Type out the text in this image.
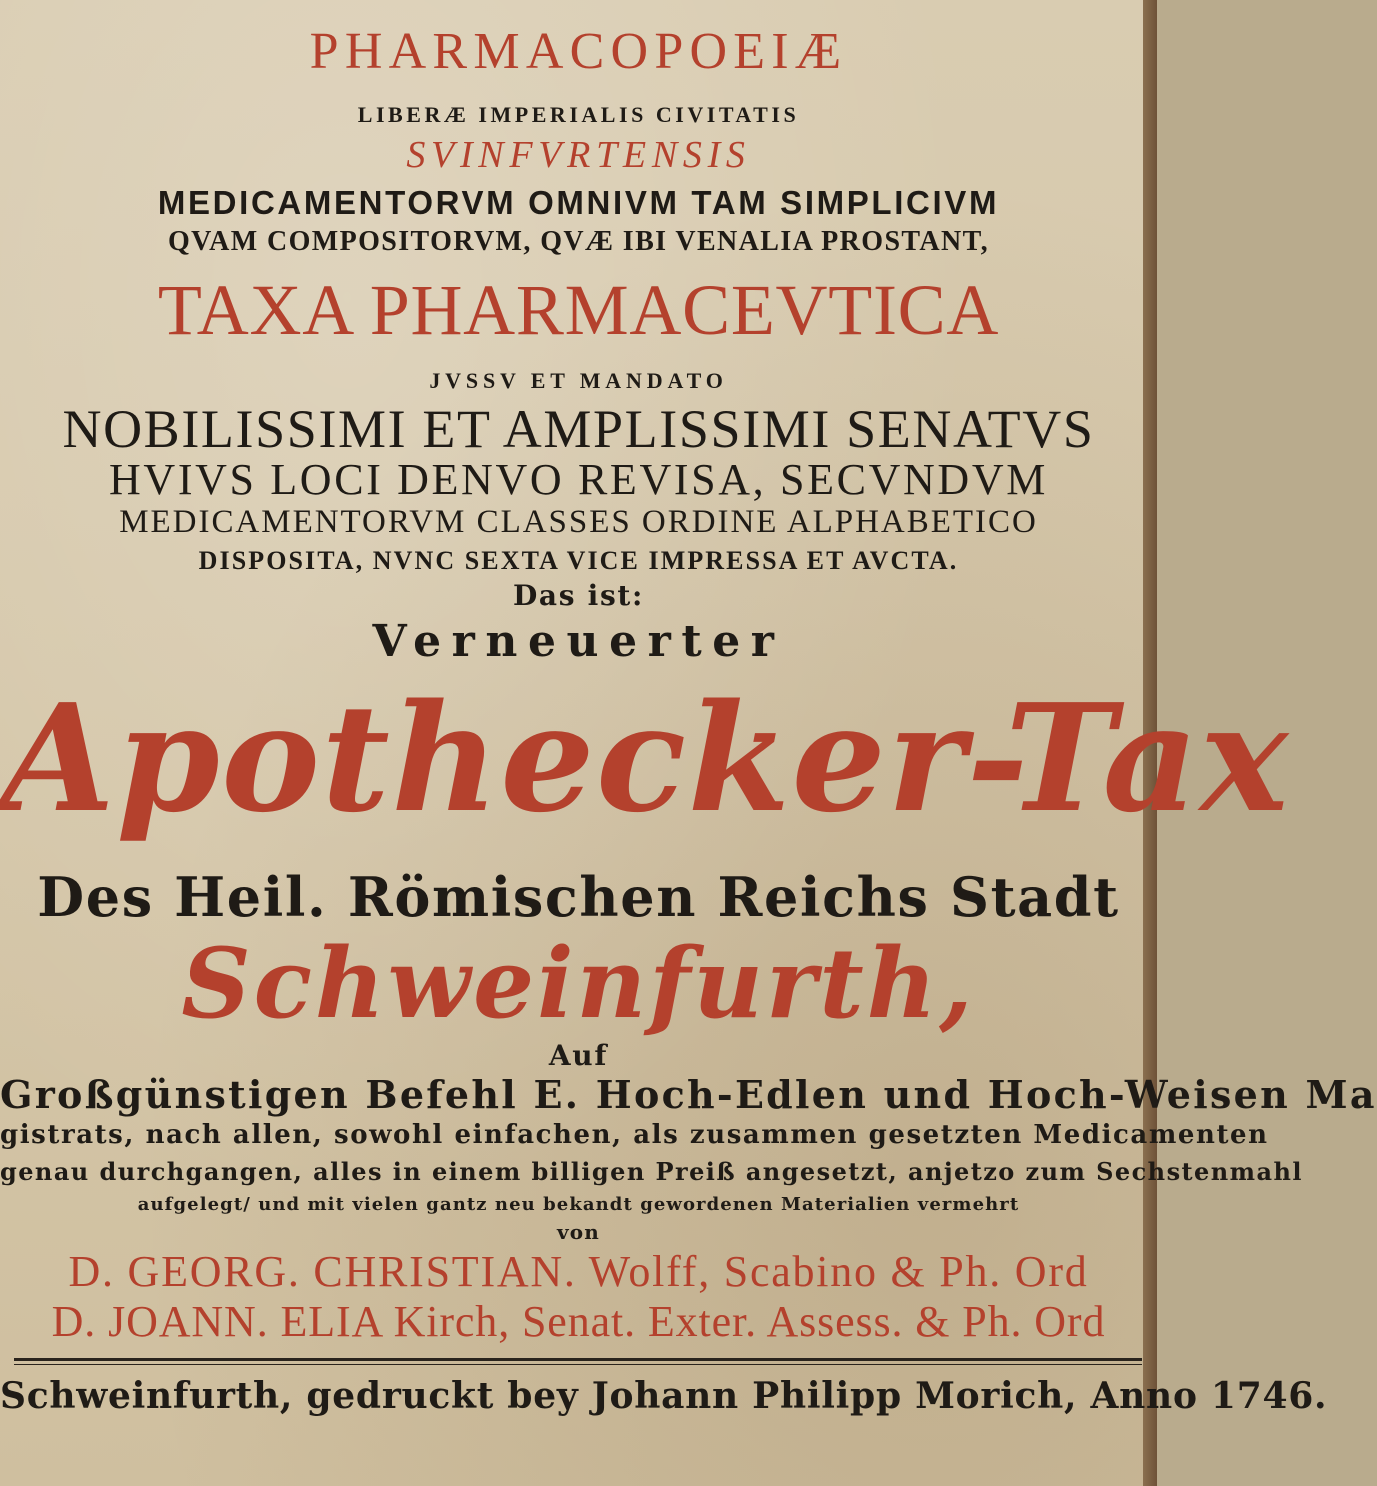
PHARMACOPOEIÆ
LIBERÆ IMPERIALIS CIVITATIS
SVINFVRTENSIS
MEDICAMENTORVM OMNIVM TAM SIMPLICIVM
QVAM COMPOSITORVM, QVÆ IBI VENALIA PROSTANT,
TAXA PHARMACEVTICA
JVSSV ET MANDATO
NOBILISSIMI ET AMPLISSIMI SENATVS
HVIVS LOCI DENVO REVISA, SECVNDVM
MEDICAMENTORVM CLASSES ORDINE ALPHABETICO
DISPOSITA, NVNC SEXTA VICE IMPRESSA ET AVCTA.
Das ist:
Verneuerter
Apothecker-Tax
Des Heil. Römischen Reichs Stadt
Schweinfurth,
Auf
Großgünstigen Befehl E. Hoch-Edlen und Hoch-Weisen Ma
gistrats, nach allen, sowohl einfachen, als zusammen gesetzten Medicamenten
genau durchgangen, alles in einem billigen Preiß angesetzt, anjetzo zum Sechstenmahl
aufgelegt/ und mit vielen gantz neu bekandt gewordenen Materialien vermehrt
von
D. GEORG. CHRISTIAN. Wolff, Scabino & Ph. Ord
D. JOANN. ELIA Kirch, Senat. Exter. Assess. & Ph. Ord
Schweinfurth, gedruckt bey Johann Philipp Morich, Anno 1746.
